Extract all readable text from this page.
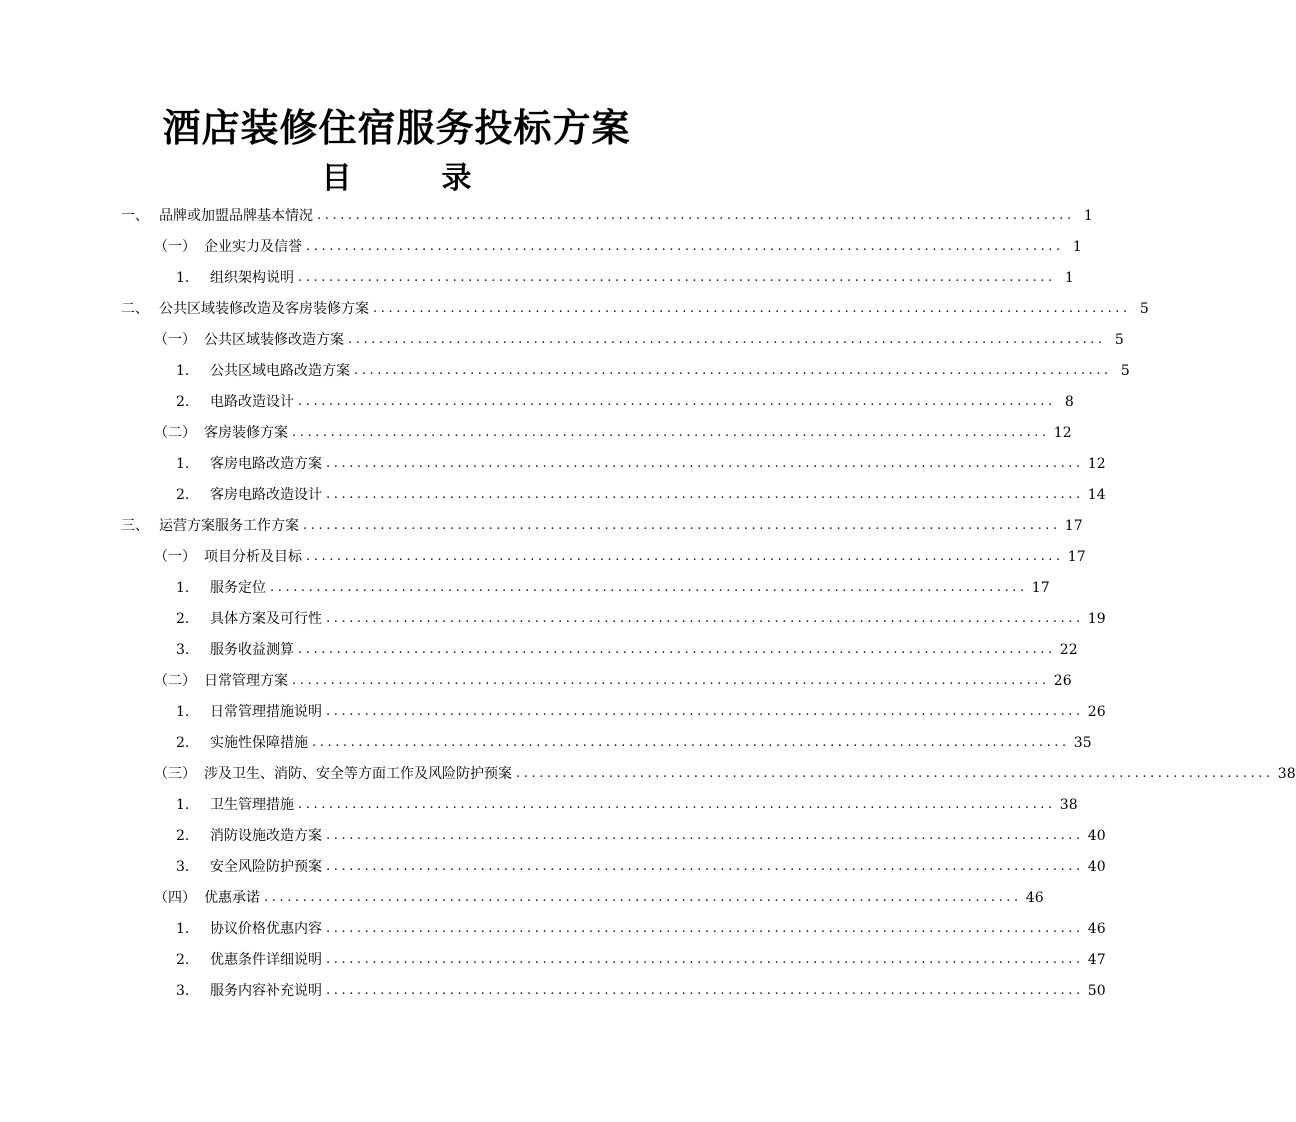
酒店装修住宿服务投标方案
目　录
一、 品牌或加盟品牌基本情况 .................................................................................................. 1
（一） 企业实力及信誉 .................................................................................................. 1
1.	组织架构说明 .................................................................................................. 1
二、 公共区域装修改造及客房装修方案 .................................................................................................. 5
（一） 公共区域装修改造方案 .................................................................................................. 5
1.	公共区域电路改造方案 .................................................................................................. 5
2.	电路改造设计 .................................................................................................. 8
（二） 客房装修方案 .................................................................................................. 12
1.	客房电路改造方案 .................................................................................................. 12
2.	客房电路改造设计 .................................................................................................. 14
三、 运营方案服务工作方案 .................................................................................................. 17
（一） 项目分析及目标 .................................................................................................. 17
1.	服务定位 .................................................................................................. 17
2.	具体方案及可行性 .................................................................................................. 19
3.	服务收益测算 .................................................................................................. 22
（二） 日常管理方案 .................................................................................................. 26
1.	日常管理措施说明 .................................................................................................. 26
2.	实施性保障措施 .................................................................................................. 35
（三） 涉及卫生、消防、安全等方面工作及风险防护预案 .................................................................................................. 38
1.	卫生管理措施 .................................................................................................. 38
2.	消防设施改造方案 .................................................................................................. 40
3.	安全风险防护预案 .................................................................................................. 40
（四） 优惠承诺 .................................................................................................. 46
1.	协议价格优惠内容 .................................................................................................. 46
2.	优惠条件详细说明 .................................................................................................. 47
3.	服务内容补充说明 .................................................................................................. 50
